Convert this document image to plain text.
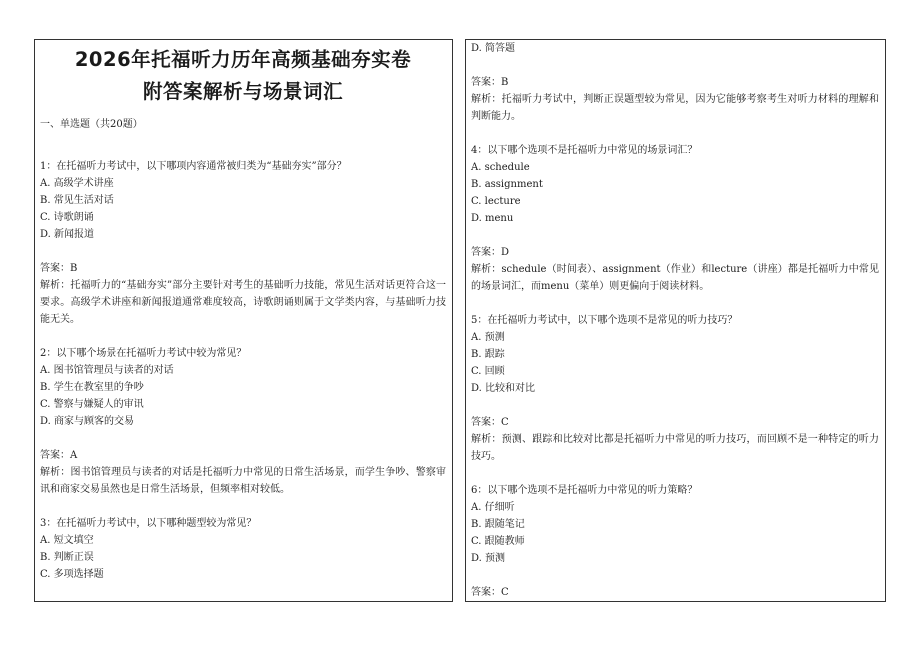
2026年托福听力历年高频基础夯实卷
附答案解析与场景词汇
一、单选题（共20题）
1：在托福听力考试中，以下哪项内容通常被归类为“基础夯实”部分？
A. 高级学术讲座
B. 常见生活对话
C. 诗歌朗诵
D. 新闻报道
答案：B
解析：托福听力的“基础夯实”部分主要针对考生的基础听力技能，常见生活对话更符合这一要求。高级学术讲座和新闻报道通常难度较高，诗歌朗诵则属于文学类内容，与基础听力技能无关。
2：以下哪个场景在托福听力考试中较为常见？
A. 图书馆管理员与读者的对话
B. 学生在教室里的争吵
C. 警察与嫌疑人的审讯
D. 商家与顾客的交易
答案：A
解析：图书馆管理员与读者的对话是托福听力中常见的日常生活场景，而学生争吵、警察审讯和商家交易虽然也是日常生活场景，但频率相对较低。
3：在托福听力考试中，以下哪种题型较为常见？
A. 短文填空
B. 判断正误
C. 多项选择题
D. 简答题
答案：B
解析：托福听力考试中，判断正误题型较为常见，因为它能够考察考生对听力材料的理解和判断能力。
4：以下哪个选项不是托福听力中常见的场景词汇？
A. schedule
B. assignment
C. lecture
D. menu
答案：D
解析：schedule（时间表）、assignment（作业）和lecture（讲座）都是托福听力中常见的场景词汇，而menu（菜单）则更偏向于阅读材料。
5：在托福听力考试中，以下哪个选项不是常见的听力技巧？
A. 预测
B. 跟踪
C. 回顾
D. 比较和对比
答案：C
解析：预测、跟踪和比较对比都是托福听力中常见的听力技巧，而回顾不是一种特定的听力技巧。
6：以下哪个选项不是托福听力中常见的听力策略？
A. 仔细听
B. 跟随笔记
C. 跟随教师
D. 预测
答案：C
